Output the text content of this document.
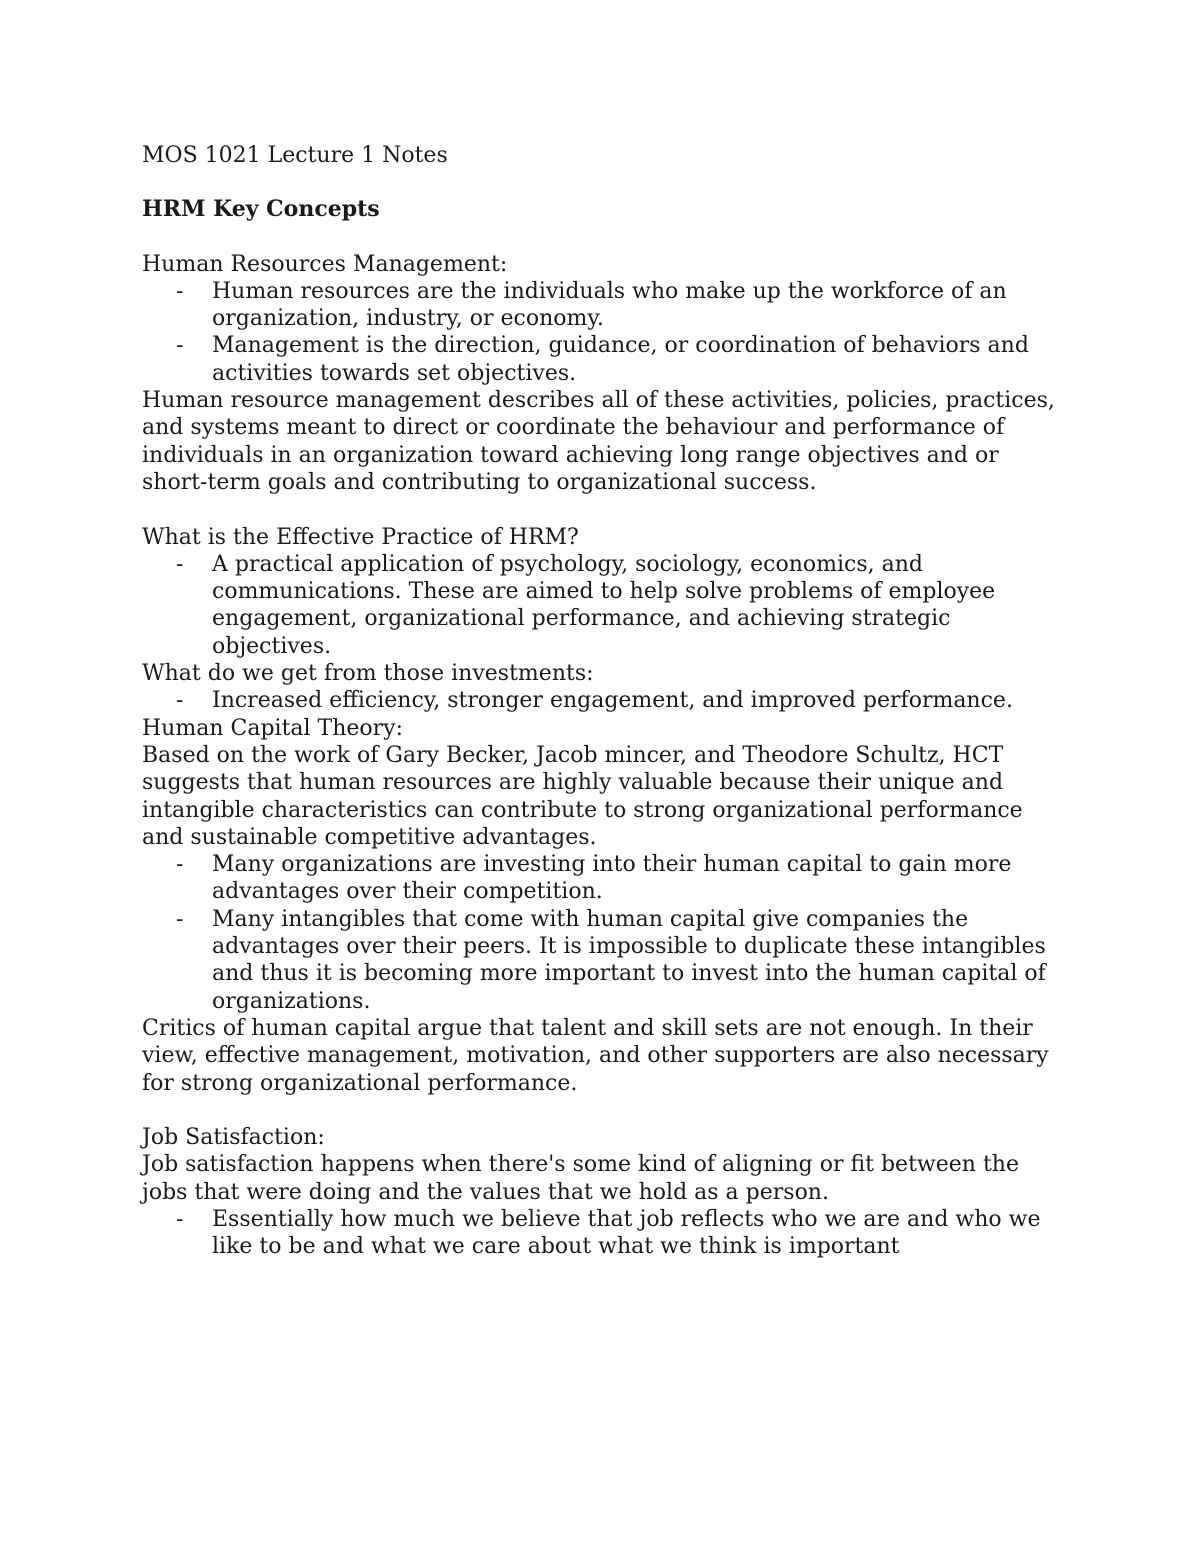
MOS 1021 Lecture 1 Notes

HRM Key Concepts

Human Resources Management:

- Human resources are the individuals who make up the workforce of an organization, industry, or economy.
- Management is the direction, guidance, or coordination of behaviors and activities towards set objectives.

Human resource management describes all of these activities, policies, practices, and systems meant to direct or coordinate the behaviour and performance of individuals in an organization toward achieving long range objectives and or short-term goals and contributing to organizational success.

What is the Effective Practice of HRM?

- A practical application of psychology, sociology, economics, and communications. These are aimed to help solve problems of employee engagement, organizational performance, and achieving strategic objectives.

What do we get from those investments:

- Increased efficiency, stronger engagement, and improved performance.

Human Capital Theory:

Based on the work of Gary Becker, Jacob mincer, and Theodore Schultz, HCT suggests that human resources are highly valuable because their unique and intangible characteristics can contribute to strong organizational performance and sustainable competitive advantages.

- Many organizations are investing into their human capital to gain more advantages over their competition.
- Many intangibles that come with human capital give companies the advantages over their peers. It is impossible to duplicate these intangibles and thus it is becoming more important to invest into the human capital of organizations.

Critics of human capital argue that talent and skill sets are not enough. In their view, effective management, motivation, and other supporters are also necessary for strong organizational performance.

Job Satisfaction:

Job satisfaction happens when there's some kind of aligning or fit between the jobs that were doing and the values that we hold as a person.

- Essentially how much we believe that job reflects who we are and who we like to be and what we care about what we think is important
